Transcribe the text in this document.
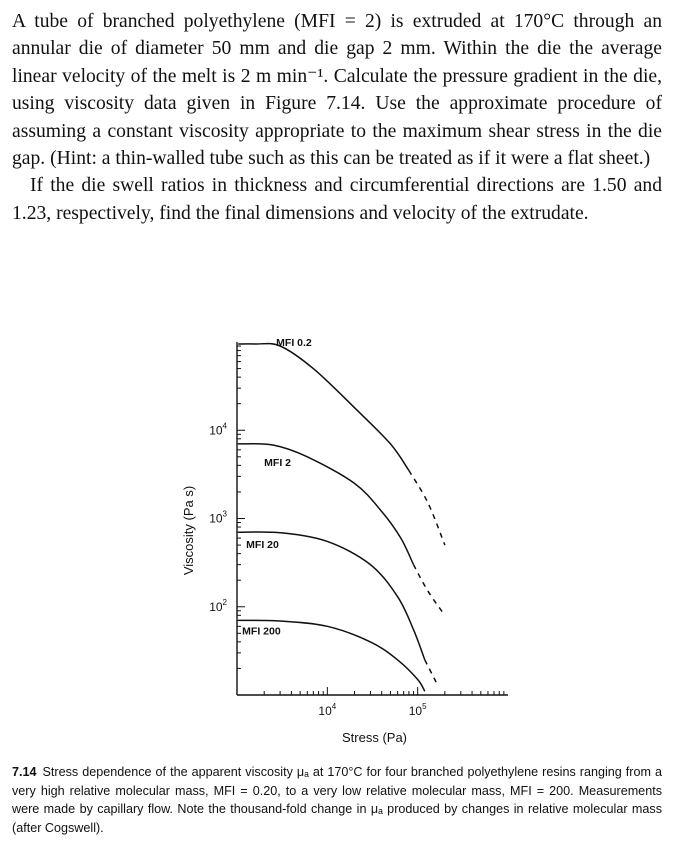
A tube of branched polyethylene (MFI = 2) is extruded at 170°C through an annular die of diameter 50 mm and die gap 2 mm. Within the die the average linear velocity of the melt is 2 m min⁻¹. Calculate the pressure gradient in the die, using viscosity data given in Figure 7.14. Use the approximate procedure of assuming a constant viscosity appropriate to the maximum shear stress in the die gap. (Hint: a thin-walled tube such as this can be treated as if it were a flat sheet.)

If the die swell ratios in thickness and circumferential directions are 1.50 and 1.23, respectively, find the final dimensions and velocity of the extrudate.

$10^4$	$10^5$
$10^2$
$10^3$
$10^4$
Stress (Pa)
Viscosity (Pa s)
MFI 0.2
MFI 2
MFI 20
MFI 200
7.14 Stress dependence of the apparent viscosity μₐ at 170°C for four branched polyethylene resins ranging from a very high relative molecular mass, MFI = 0.20, to a very low relative molecular mass, MFI = 200. Measurements were made by capillary flow. Note the thousand-fold change in μₐ produced by changes in relative molecular mass (after Cogswell).
